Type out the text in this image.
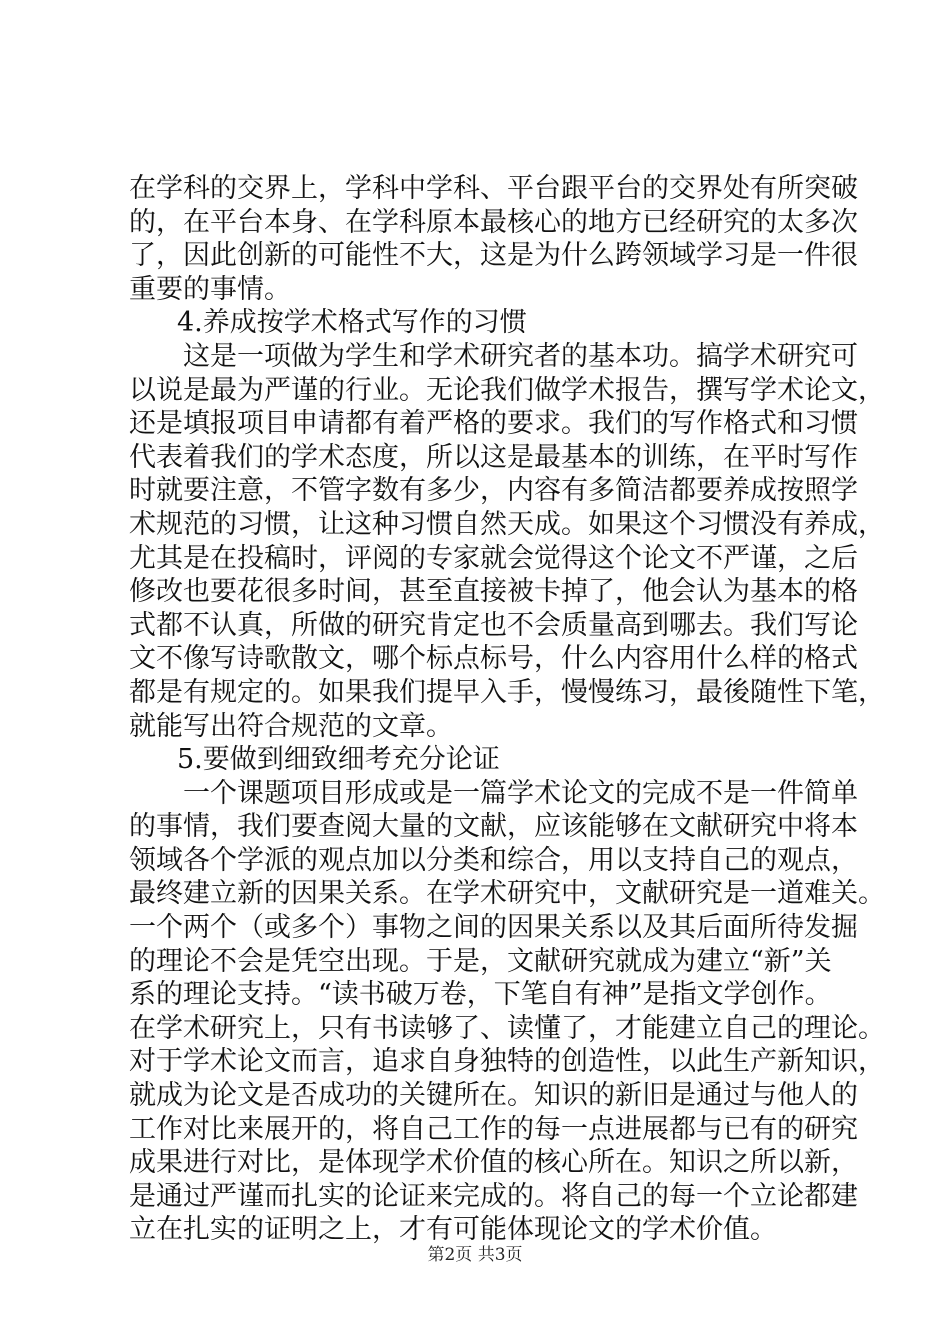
在学科的交界上，学科中学科、平台跟平台的交界处有所突破
的，在平台本身、在学科原本最核心的地方已经研究的太多次
了，因此创新的可能性不大，这是为什么跨领域学习是一件很
重要的事情。
4.养成按学术格式写作的习惯
这是一项做为学生和学术研究者的基本功。搞学术研究可
以说是最为严谨的行业。无论我们做学术报告，撰写学术论文，
还是填报项目申请都有着严格的要求。我们的写作格式和习惯
代表着我们的学术态度，所以这是最基本的训练，在平时写作
时就要注意，不管字数有多少，内容有多简洁都要养成按照学
术规范的习惯，让这种习惯自然天成。如果这个习惯没有养成，
尤其是在投稿时，评阅的专家就会觉得这个论文不严谨，之后
修改也要花很多时间，甚至直接被卡掉了，他会认为基本的格
式都不认真，所做的研究肯定也不会质量高到哪去。我们写论
文不像写诗歌散文，哪个标点标号，什么内容用什么样的格式
都是有规定的。如果我们提早入手，慢慢练习，最後随性下笔，
就能写出符合规范的文章。
5.要做到细致细考充分论证
一个课题项目形成或是一篇学术论文的完成不是一件简单
的事情，我们要查阅大量的文献，应该能够在文献研究中将本
领域各个学派的观点加以分类和综合，用以支持自己的观点，
最终建立新的因果关系。在学术研究中，文献研究是一道难关。
一个两个（或多个）事物之间的因果关系以及其后面所待发掘
的理论不会是凭空出现。于是，文献研究就成为建立“新”关
系的理论支持。“读书破万卷，下笔自有神”是指文学创作。
在学术研究上，只有书读够了、读懂了，才能建立自己的理论。
对于学术论文而言，追求自身独特的创造性，以此生产新知识，
就成为论文是否成功的关键所在。知识的新旧是通过与他人的
工作对比来展开的，将自己工作的每一点进展都与已有的研究
成果进行对比，是体现学术价值的核心所在。知识之所以新，
是通过严谨而扎实的论证来完成的。将自己的每一个立论都建
立在扎实的证明之上，才有可能体现论文的学术价值。
第2页 共3页
